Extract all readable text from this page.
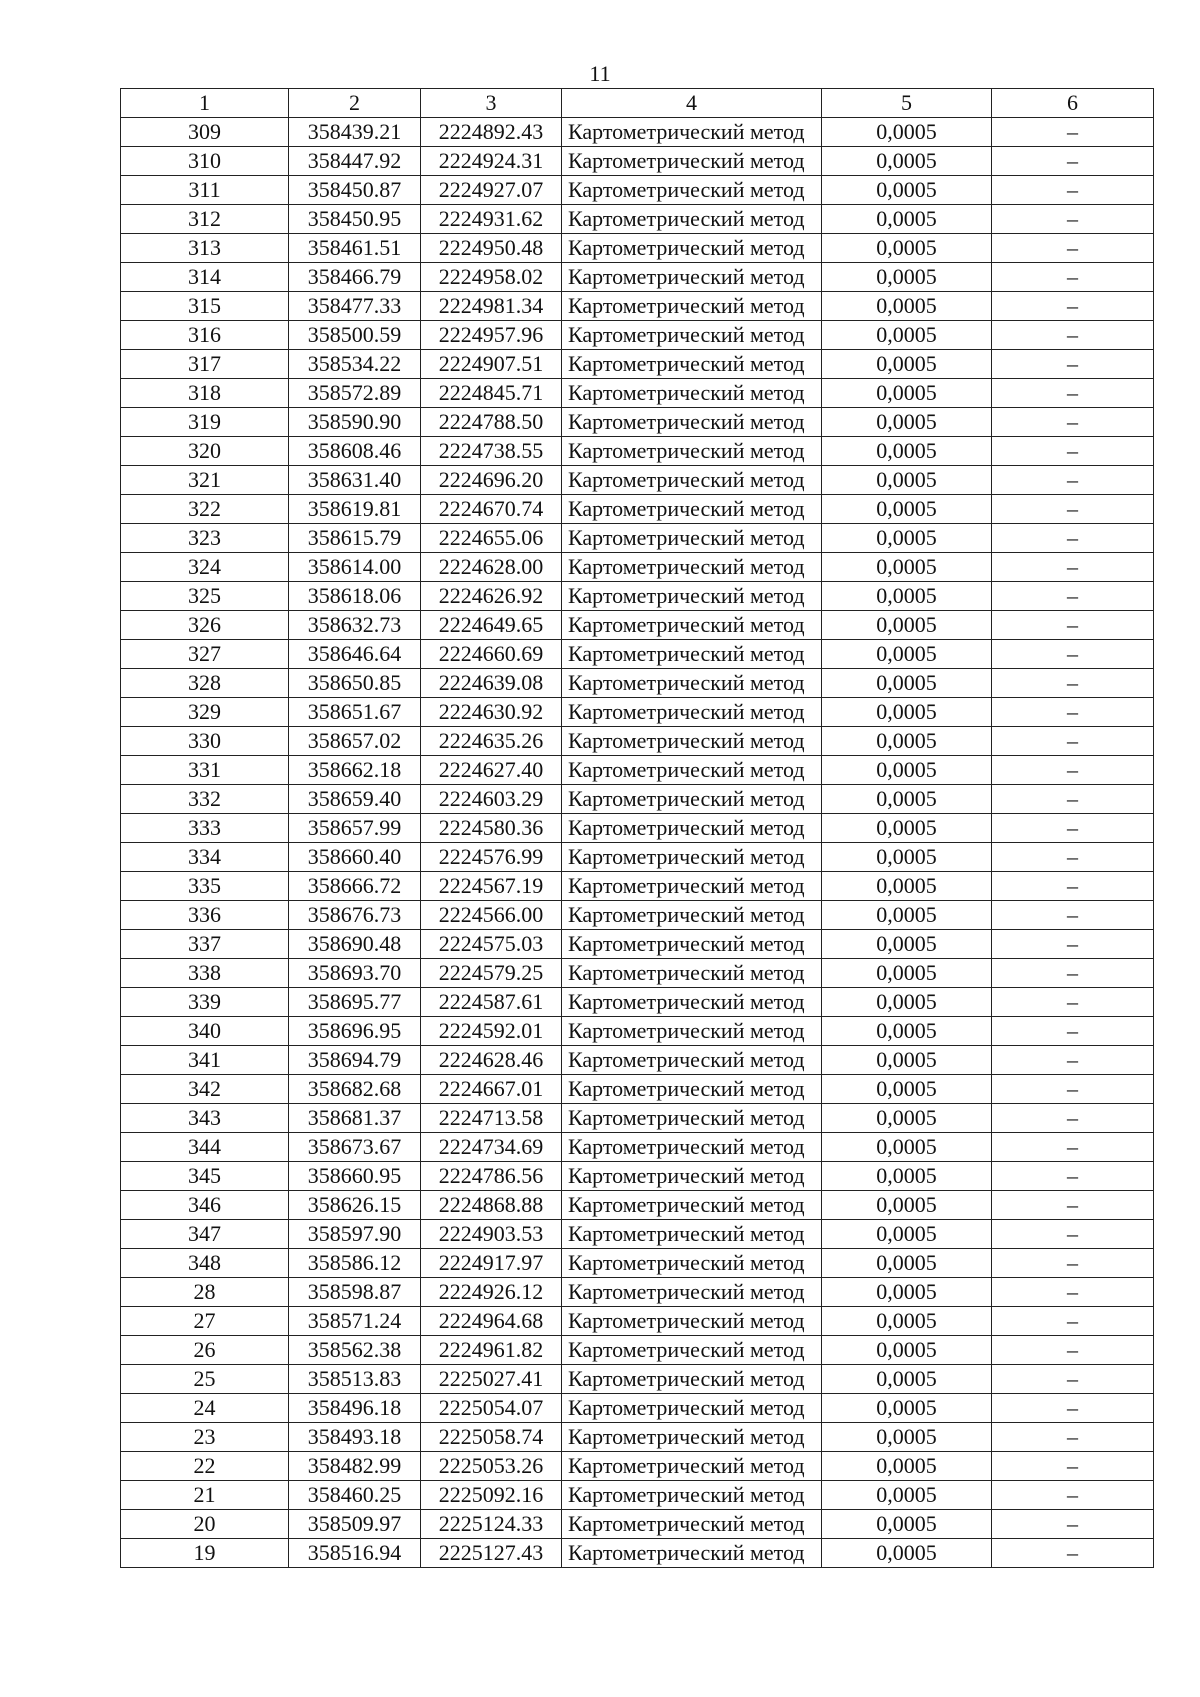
11
1	2	3	4	5	6
309	358439.21	2224892.43	Картометрический метод	0,0005	–
310	358447.92	2224924.31	Картометрический метод	0,0005	–
311	358450.87	2224927.07	Картометрический метод	0,0005	–
312	358450.95	2224931.62	Картометрический метод	0,0005	–
313	358461.51	2224950.48	Картометрический метод	0,0005	–
314	358466.79	2224958.02	Картометрический метод	0,0005	–
315	358477.33	2224981.34	Картометрический метод	0,0005	–
316	358500.59	2224957.96	Картометрический метод	0,0005	–
317	358534.22	2224907.51	Картометрический метод	0,0005	–
318	358572.89	2224845.71	Картометрический метод	0,0005	–
319	358590.90	2224788.50	Картометрический метод	0,0005	–
320	358608.46	2224738.55	Картометрический метод	0,0005	–
321	358631.40	2224696.20	Картометрический метод	0,0005	–
322	358619.81	2224670.74	Картометрический метод	0,0005	–
323	358615.79	2224655.06	Картометрический метод	0,0005	–
324	358614.00	2224628.00	Картометрический метод	0,0005	–
325	358618.06	2224626.92	Картометрический метод	0,0005	–
326	358632.73	2224649.65	Картометрический метод	0,0005	–
327	358646.64	2224660.69	Картометрический метод	0,0005	–
328	358650.85	2224639.08	Картометрический метод	0,0005	–
329	358651.67	2224630.92	Картометрический метод	0,0005	–
330	358657.02	2224635.26	Картометрический метод	0,0005	–
331	358662.18	2224627.40	Картометрический метод	0,0005	–
332	358659.40	2224603.29	Картометрический метод	0,0005	–
333	358657.99	2224580.36	Картометрический метод	0,0005	–
334	358660.40	2224576.99	Картометрический метод	0,0005	–
335	358666.72	2224567.19	Картометрический метод	0,0005	–
336	358676.73	2224566.00	Картометрический метод	0,0005	–
337	358690.48	2224575.03	Картометрический метод	0,0005	–
338	358693.70	2224579.25	Картометрический метод	0,0005	–
339	358695.77	2224587.61	Картометрический метод	0,0005	–
340	358696.95	2224592.01	Картометрический метод	0,0005	–
341	358694.79	2224628.46	Картометрический метод	0,0005	–
342	358682.68	2224667.01	Картометрический метод	0,0005	–
343	358681.37	2224713.58	Картометрический метод	0,0005	–
344	358673.67	2224734.69	Картометрический метод	0,0005	–
345	358660.95	2224786.56	Картометрический метод	0,0005	–
346	358626.15	2224868.88	Картометрический метод	0,0005	–
347	358597.90	2224903.53	Картометрический метод	0,0005	–
348	358586.12	2224917.97	Картометрический метод	0,0005	–
28	358598.87	2224926.12	Картометрический метод	0,0005	–
27	358571.24	2224964.68	Картометрический метод	0,0005	–
26	358562.38	2224961.82	Картометрический метод	0,0005	–
25	358513.83	2225027.41	Картометрический метод	0,0005	–
24	358496.18	2225054.07	Картометрический метод	0,0005	–
23	358493.18	2225058.74	Картометрический метод	0,0005	–
22	358482.99	2225053.26	Картометрический метод	0,0005	–
21	358460.25	2225092.16	Картометрический метод	0,0005	–
20	358509.97	2225124.33	Картометрический метод	0,0005	–
19	358516.94	2225127.43	Картометрический метод	0,0005	–
